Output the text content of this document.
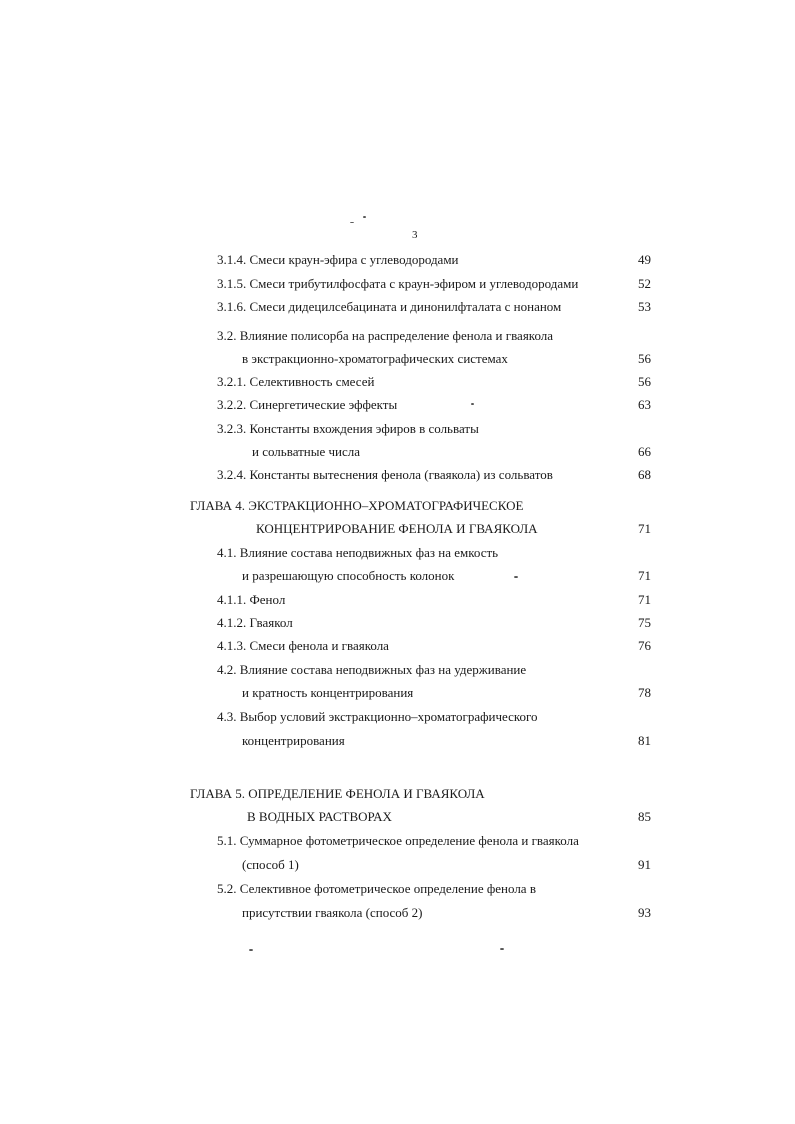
3
3.1.4. Смеси краун-эфира с углеводородами	49
3.1.5. Смеси трибутилфосфата с краун-эфиром и углеводородами	52
3.1.6. Смеси дидецилсебацината и динонилфталата с нонаном	53
3.2. Влияние полисорба на распределение фенола и гваякола
в экстракционно-хроматографических системах	56
3.2.1. Селективность смесей	56
3.2.2. Синергетические эффекты	63
3.2.3. Константы вхождения эфиров в сольваты
и сольватные числа	66
3.2.4. Константы вытеснения фенола (гваякола) из сольватов	68
ГЛАВА 4. ЭКСТРАКЦИОННО–ХРОМАТОГРАФИЧЕСКОЕ
КОНЦЕНТРИРОВАНИЕ ФЕНОЛА И ГВАЯКОЛА	71
4.1. Влияние состава неподвижных фаз на емкость
и разрешающую способность колонок	71
4.1.1. Фенол	71
4.1.2. Гваякол	75
4.1.3. Смеси фенола и гваякола	76
4.2. Влияние состава неподвижных фаз на удерживание
и кратность концентрирования	78
4.3. Выбор условий экстракционно–хроматографического
концентрирования	81
ГЛАВА 5. ОПРЕДЕЛЕНИЕ ФЕНОЛА И ГВАЯКОЛА
В ВОДНЫХ РАСТВОРАХ	85
5.1. Суммарное фотометрическое определение фенола и гваякола
(способ 1)	91
5.2. Селективное фотометрическое определение фенола в
присутствии гваякола (способ 2)	93
